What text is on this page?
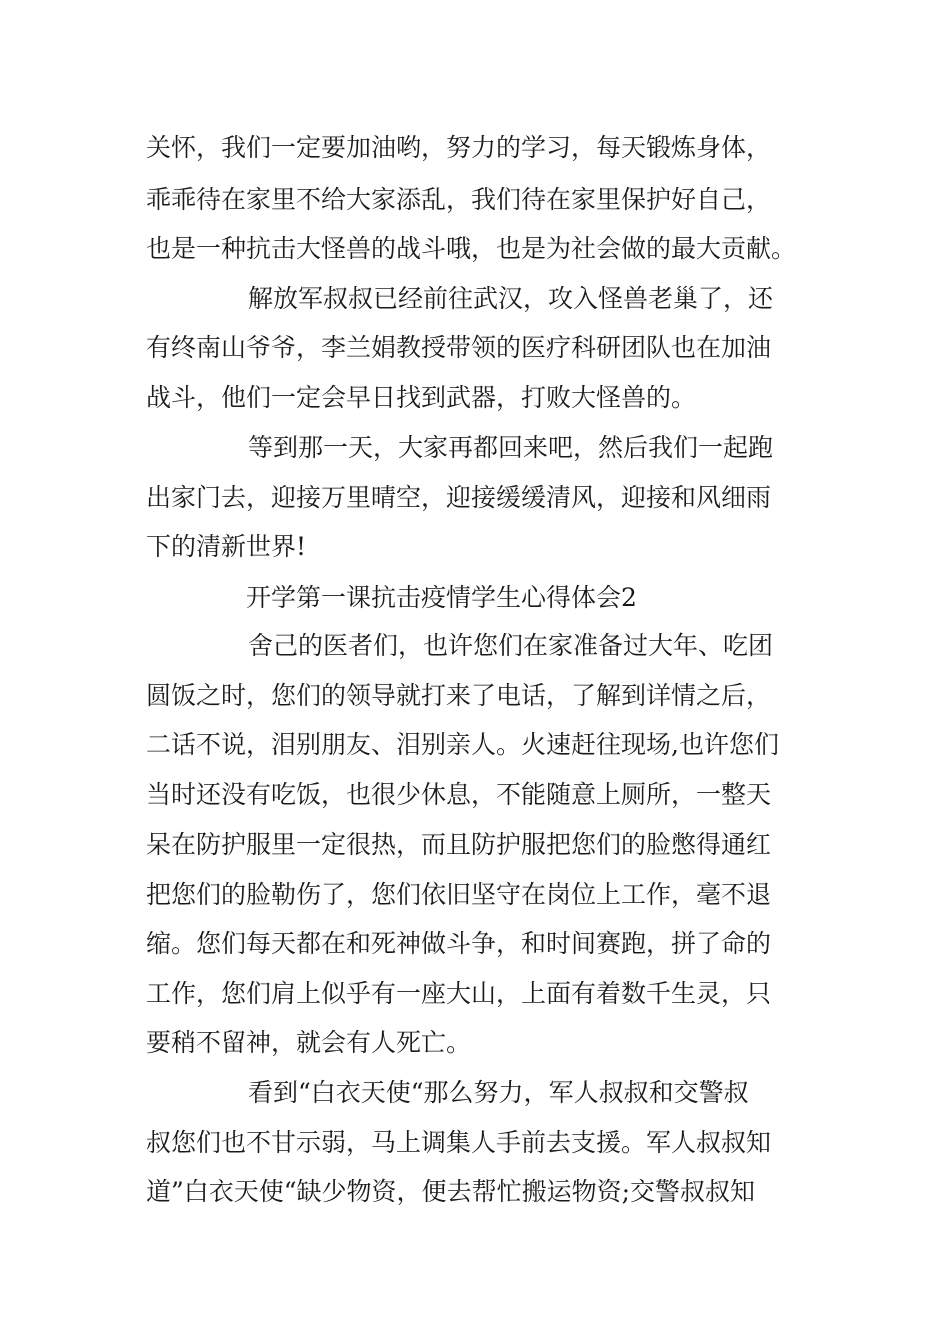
关怀，我们一定要加油哟，努力的学习，每天锻炼身体，
乖乖待在家里不给大家添乱，我们待在家里保护好自己，
也是一种抗击大怪兽的战斗哦，也是为社会做的最大贡献。
解放军叔叔已经前往武汉，攻入怪兽老巢了，还
有终南山爷爷，李兰娟教授带领的医疗科研团队也在加油
战斗，他们一定会早日找到武器，打败大怪兽的。
等到那一天，大家再都回来吧，然后我们一起跑
出家门去，迎接万里晴空，迎接缓缓清风，迎接和风细雨
下的清新世界!
开学第一课抗击疫情学生心得体会2
舍己的医者们，也许您们在家准备过大年、吃团
圆饭之时，您们的领导就打来了电话，了解到详情之后，
二话不说，泪别朋友、泪别亲人。火速赶往现场,也许您们
当时还没有吃饭，也很少休息，不能随意上厕所，一整天
呆在防护服里一定很热，而且防护服把您们的脸憋得通红
把您们的脸勒伤了，您们依旧坚守在岗位上工作，毫不退
缩。您们每天都在和死神做斗争，和时间赛跑，拼了命的
工作，您们肩上似乎有一座大山，上面有着数千生灵，只
要稍不留神，就会有人死亡。
看到“白衣天使“那么努力，军人叔叔和交警叔
叔您们也不甘示弱，马上调集人手前去支援。军人叔叔知
道”白衣天使“缺少物资，便去帮忙搬运物资;交警叔叔知
